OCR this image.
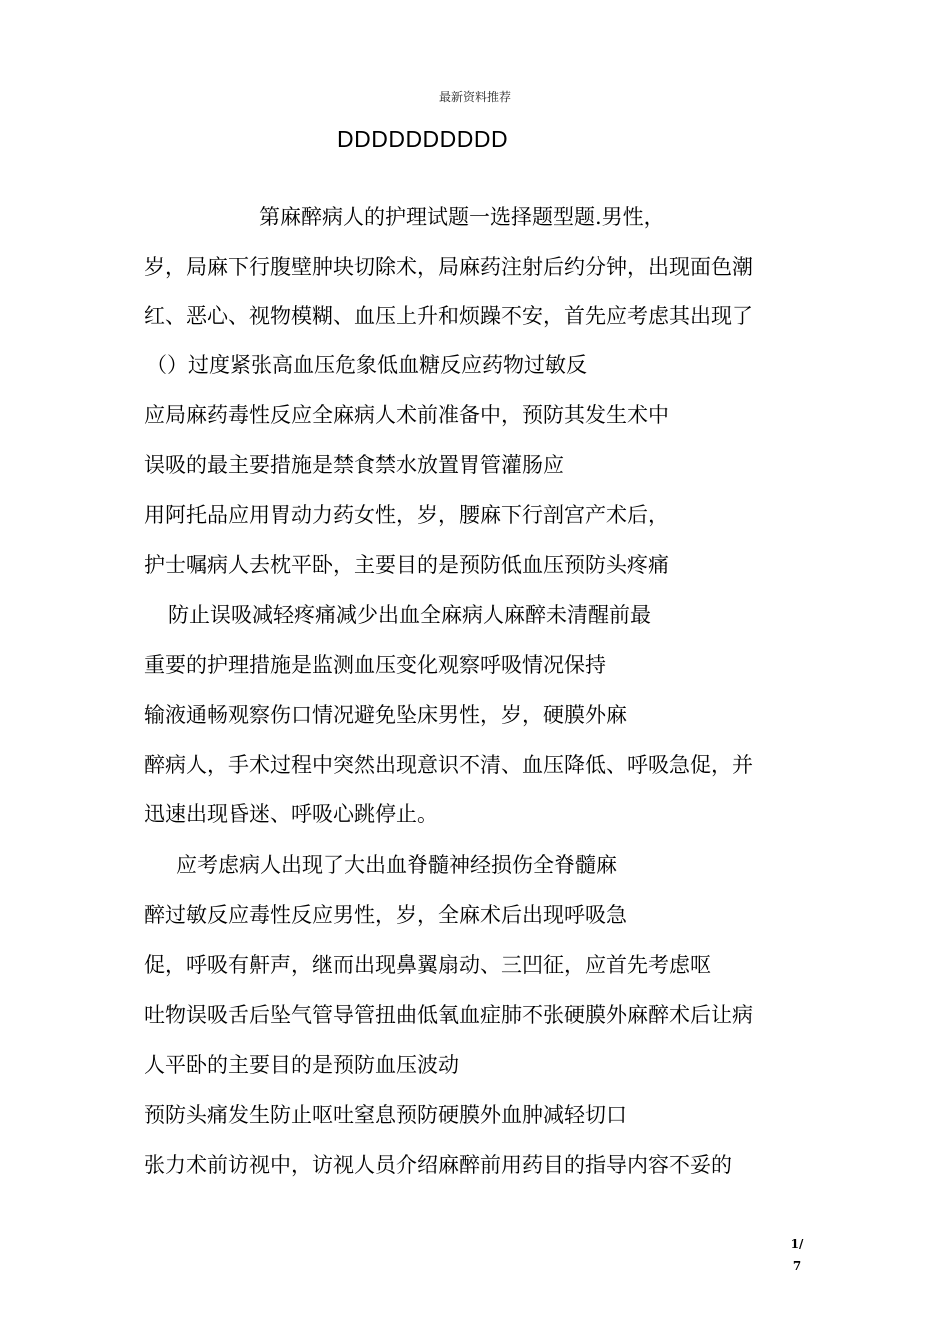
最新资料推荐
DDDDDDDDDD
第麻醉病人的护理试题一选择题型题.男性，
岁，局麻下行腹壁肿块切除术，局麻药注射后约分钟，出现面色潮
红、恶心、视物模糊、血压上升和烦躁不安，首先应考虑其出现了
（）过度紧张高血压危象低血糖反应药物过敏反
应局麻药毒性反应全麻病人术前准备中，预防其发生术中
误吸的最主要措施是禁食禁水放置胃管灌肠应
用阿托品应用胃动力药女性，岁，腰麻下行剖宫产术后，
护士嘱病人去枕平卧，主要目的是预防低血压预防头疼痛
防止误吸减轻疼痛减少出血全麻病人麻醉未清醒前最
重要的护理措施是监测血压变化观察呼吸情况保持
输液通畅观察伤口情况避免坠床男性，岁，硬膜外麻
醉病人，手术过程中突然出现意识不清、血压降低、呼吸急促，并
迅速出现昏迷、呼吸心跳停止。
应考虑病人出现了大出血脊髓神经损伤全脊髓麻
醉过敏反应毒性反应男性，岁，全麻术后出现呼吸急
促，呼吸有鼾声，继而出现鼻翼扇动、三凹征，应首先考虑呕
吐物误吸舌后坠气管导管扭曲低氧血症肺不张硬膜外麻醉术后让病
人平卧的主要目的是预防血压波动
预防头痛发生防止呕吐窒息预防硬膜外血肿减轻切口
张力术前访视中，访视人员介绍麻醉前用药目的指导内容不妥的
1/
7
